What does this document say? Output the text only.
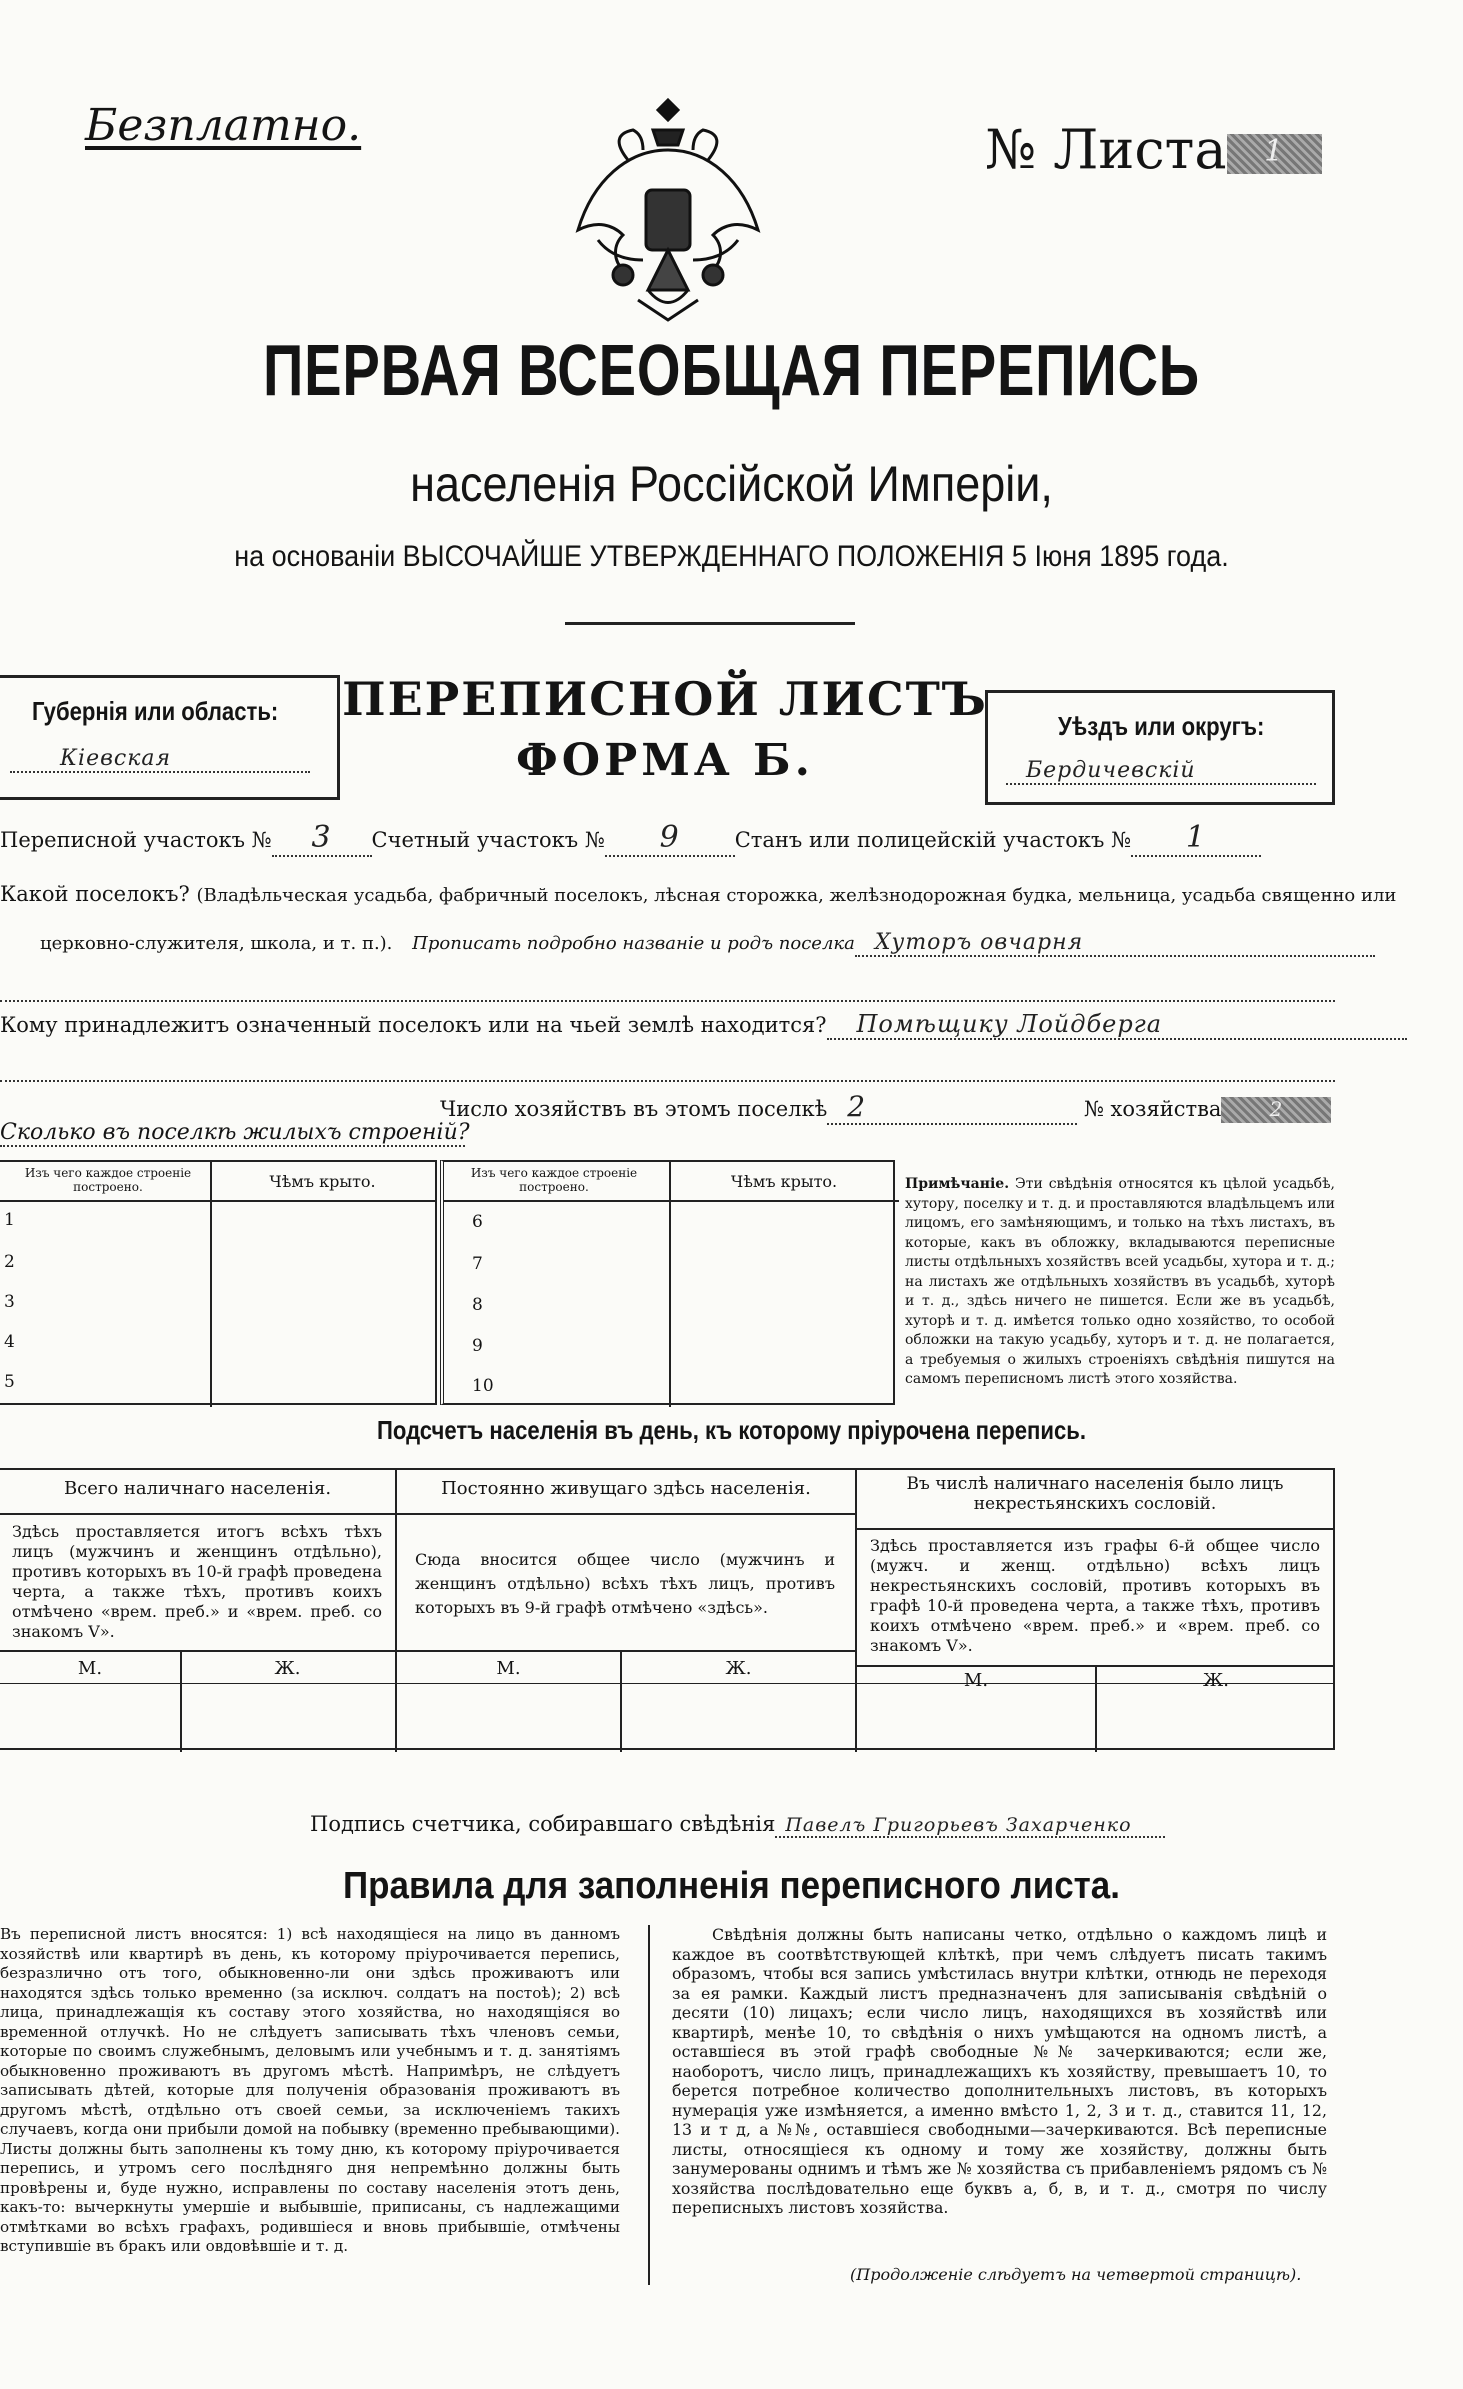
Безплатно.	№ Листа 1
ПЕРВАЯ ВСЕОБЩАЯ ПЕРЕПИСЬ
населенія Россійской Имперіи,
на основаніи ВЫСОЧАЙШЕ УТВЕРЖДЕННАГО ПОЛОЖЕНІЯ 5 Іюня 1895 года.
Губернія или область:
Кіевская
ПЕРЕПИСНОЙ ЛИСТЪ
ФОРМА Б.
Уѣздъ или округъ:
Бердичевскій
Переписной участокъ № 3 Счетный участокъ № 9	Станъ или полицейскій участокъ № 1
Какой поселокъ? (Владѣльческая усадьба, фабричный поселокъ, лѣсная сторожка, желѣзнодорожная будка, мельница, усадьба священно или
церковно-служителя, школа, и т. п.). Прописать подробно названіе и родъ поселка Хуторъ овчарня
Кому принадлежитъ означенный поселокъ или на чьей землѣ находится? Помѣщику Лойдберга
Число хозяйствъ въ этомъ поселкѣ 2	№ хозяйства 2
Сколько въ поселкѣ жилыхъ строеній?
Изъ чего каждое строеніе построено.	Чѣмъ крыто.
1
2
3
4
5
Изъ чего каждое строеніе построено.	Чѣмъ крыто.
6
7
8
9
10
Примѣчаніе. Эти свѣдѣнія относятся къ цѣлой усадьбѣ, хутору, поселку и т. д. и проставляются владѣльцемъ или лицомъ, его замѣняющимъ, и только на тѣхъ листахъ, въ которые, какъ въ обложку, вкладываются переписные листы отдѣльныхъ хозяйствъ всей усадьбы, хутора и т. д.; на листахъ же отдѣльныхъ хозяйствъ въ усадьбѣ, хуторѣ и т. д., здѣсь ничего не пишется. Если же въ усадьбѣ, хуторѣ и т. д. имѣется только одно хозяйство, то особой обложки на такую усадьбу, хуторъ и т. д. не полагается, а требуемыя о жилыхъ строеніяхъ свѣдѣнія пишутся на самомъ переписномъ листѣ этого хозяйства.
Подсчетъ населенія въ день, къ которому пріурочена перепись.
Всего наличнаго населенія.
Здѣсь проставляется итогъ всѣхъ тѣхъ лицъ (мужчинъ и женщинъ отдѣльно), противъ которыхъ въ 10-й графѣ проведена черта, а также тѣхъ, противъ коихъ отмѣчено «врем. преб.» и «врем. преб. со знакомъ V».
М.	Ж.
Постоянно живущаго здѣсь населенія.
Сюда вносится общее число (мужчинъ и женщинъ отдѣльно) всѣхъ тѣхъ лицъ, противъ которыхъ въ 9-й графѣ отмѣчено «здѣсь».
М.	Ж.
Въ числѣ наличнаго населенія было лицъ некрестьянскихъ сословій.
Здѣсь проставляется изъ графы 6-й общее число (мужч. и женщ. отдѣльно) всѣхъ лицъ некрестьянскихъ сословій, противъ которыхъ въ графѣ 10-й проведена черта, а также тѣхъ, противъ коихъ отмѣчено «врем. преб.» и «врем. преб. со знакомъ V».
М.	Ж.
Подпись счетчика, собиравшаго свѣдѣнія Павелъ Григорьевъ Захарченко
Правила для заполненія переписного листа.
Въ переписной листъ вносятся: 1) всѣ находящіеся на лицо въ данномъ хозяйствѣ или квартирѣ въ день, къ которому пріурочивается перепись, безразлично отъ того, обыкновенно-ли они здѣсь проживаютъ или находятся здѣсь только временно (за исключ. солдатъ на постоѣ); 2) всѣ лица, принадлежащія къ составу этого хозяйства, но находящіяся во временной отлучкѣ. Но не слѣдуетъ записывать тѣхъ членовъ семьи, которые по своимъ служебнымъ, деловымъ или учебнымъ и т. д. занятіямъ обыкновенно проживаютъ въ другомъ мѣстѣ. Напримѣръ, не слѣдуетъ записывать дѣтей, которые для полученія образованія проживаютъ въ другомъ мѣстѣ, отдѣльно отъ своей семьи, за исключеніемъ такихъ случаевъ, когда они прибыли домой на побывку (временно пребывающими). Листы должны быть заполнены къ тому дню, къ которому пріурочивается перепись, и утромъ сего послѣдняго дня непремѣнно должны быть провѣрены и, буде нужно, исправлены по составу населенія этотъ день, какъ-то: вычеркнуты умершіе и выбывшіе, приписаны, съ надлежащими отмѣтками во всѣхъ графахъ, родившіеся и вновь прибывшіе, отмѣчены вступившіе въ бракъ или овдовѣвшіе и т. д.
Свѣдѣнія должны быть написаны четко, отдѣльно о каждомъ лицѣ и каждое въ соотвѣтствующей клѣткѣ, при чемъ слѣдуетъ писать такимъ образомъ, чтобы вся запись умѣстилась внутри клѣтки, отнюдь не переходя за ея рамки. Каждый листъ предназначенъ для записыванія свѣдѣній о десяти (10) лицахъ; если число лицъ, находящихся въ хозяйствѣ или квартирѣ, менѣе 10, то свѣдѣнія о нихъ умѣщаются на одномъ листѣ, а оставшіеся въ этой графѣ свободные №№ зачеркиваются; если же, наоборотъ, число лицъ, принадлежащихъ къ хозяйству, превышаетъ 10, то берется потребное количество дополнительныхъ листовъ, въ которыхъ нумерація уже измѣняется, а именно вмѣсто 1, 2, 3 и т. д., ставится 11, 12, 13 и т д, а №№, оставшіеся свободными—зачеркиваются. Всѣ переписные листы, относящіеся къ одному и тому же хозяйству, должны быть занумерованы однимъ и тѣмъ же № хозяйства съ прибавленіемъ рядомъ съ № хозяйства послѣдовательно еще буквъ а, б, в, и т. д., смотря по числу переписныхъ листовъ хозяйства.
(Продолженіе слѣдуетъ на четвертой страницѣ).
